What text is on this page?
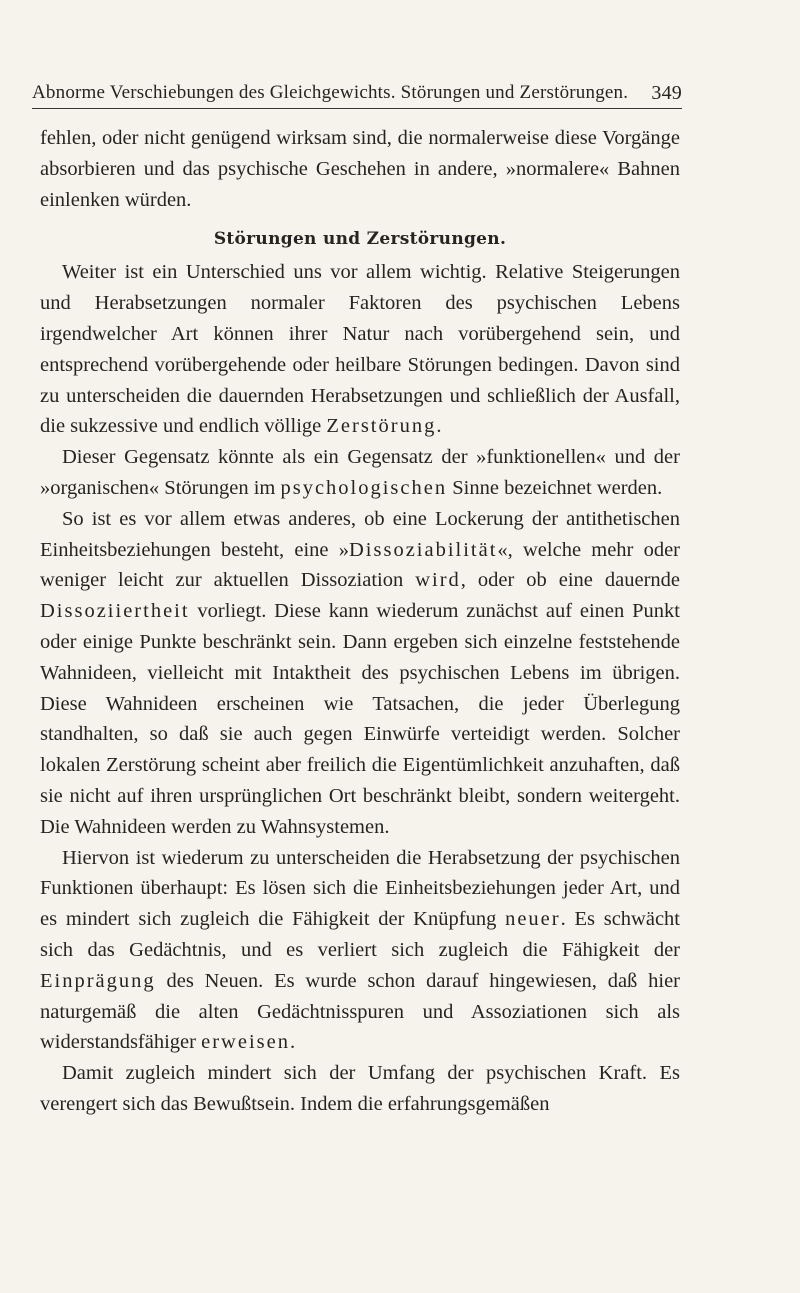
Abnorme Verschiebungen des Gleichgewichts. Störungen und Zerstörungen. 349

fehlen, oder nicht genügend wirksam sind, die normalerweise diese Vorgänge absorbieren und das psychische Geschehen in andere, »normalere« Bahnen einlenken würden.

Störungen und Zerstörungen.

Weiter ist ein Unterschied uns vor allem wichtig. Relative Steigerungen und Herabsetzungen normaler Faktoren des psychischen Lebens irgendwelcher Art können ihrer Natur nach vorübergehend sein, und entsprechend vorübergehende oder heilbare Störungen bedingen. Davon sind zu unterscheiden die dauernden Herabsetzungen und schließlich der Ausfall, die sukzessive und endlich völlige Zerstörung.

Dieser Gegensatz könnte als ein Gegensatz der »funktionellen« und der »organischen« Störungen im psychologischen Sinne bezeichnet werden.

So ist es vor allem etwas anderes, ob eine Lockerung der antithetischen Einheitsbeziehungen besteht, eine »Dissoziabilität«, welche mehr oder weniger leicht zur aktuellen Dissoziation wird, oder ob eine dauernde Dissoziiertheit vorliegt. Diese kann wiederum zunächst auf einen Punkt oder einige Punkte beschränkt sein. Dann ergeben sich einzelne feststehende Wahnideen, vielleicht mit Intaktheit des psychischen Lebens im übrigen. Diese Wahnideen erscheinen wie Tatsachen, die jeder Überlegung standhalten, so daß sie auch gegen Einwürfe verteidigt werden. Solcher lokalen Zerstörung scheint aber freilich die Eigentümlichkeit anzuhaften, daß sie nicht auf ihren ursprünglichen Ort beschränkt bleibt, sondern weitergeht. Die Wahnideen werden zu Wahnsystemen.

Hiervon ist wiederum zu unterscheiden die Herabsetzung der psychischen Funktionen überhaupt: Es lösen sich die Einheitsbeziehungen jeder Art, und es mindert sich zugleich die Fähigkeit der Knüpfung neuer. Es schwächt sich das Gedächtnis, und es verliert sich zugleich die Fähigkeit der Einprägung des Neuen. Es wurde schon darauf hingewiesen, daß hier naturgemäß die alten Gedächtnisspuren und Assoziationen sich als widerstandsfähiger erweisen.

Damit zugleich mindert sich der Umfang der psychischen Kraft. Es verengert sich das Bewußtsein. Indem die erfahrungsgemäßen
